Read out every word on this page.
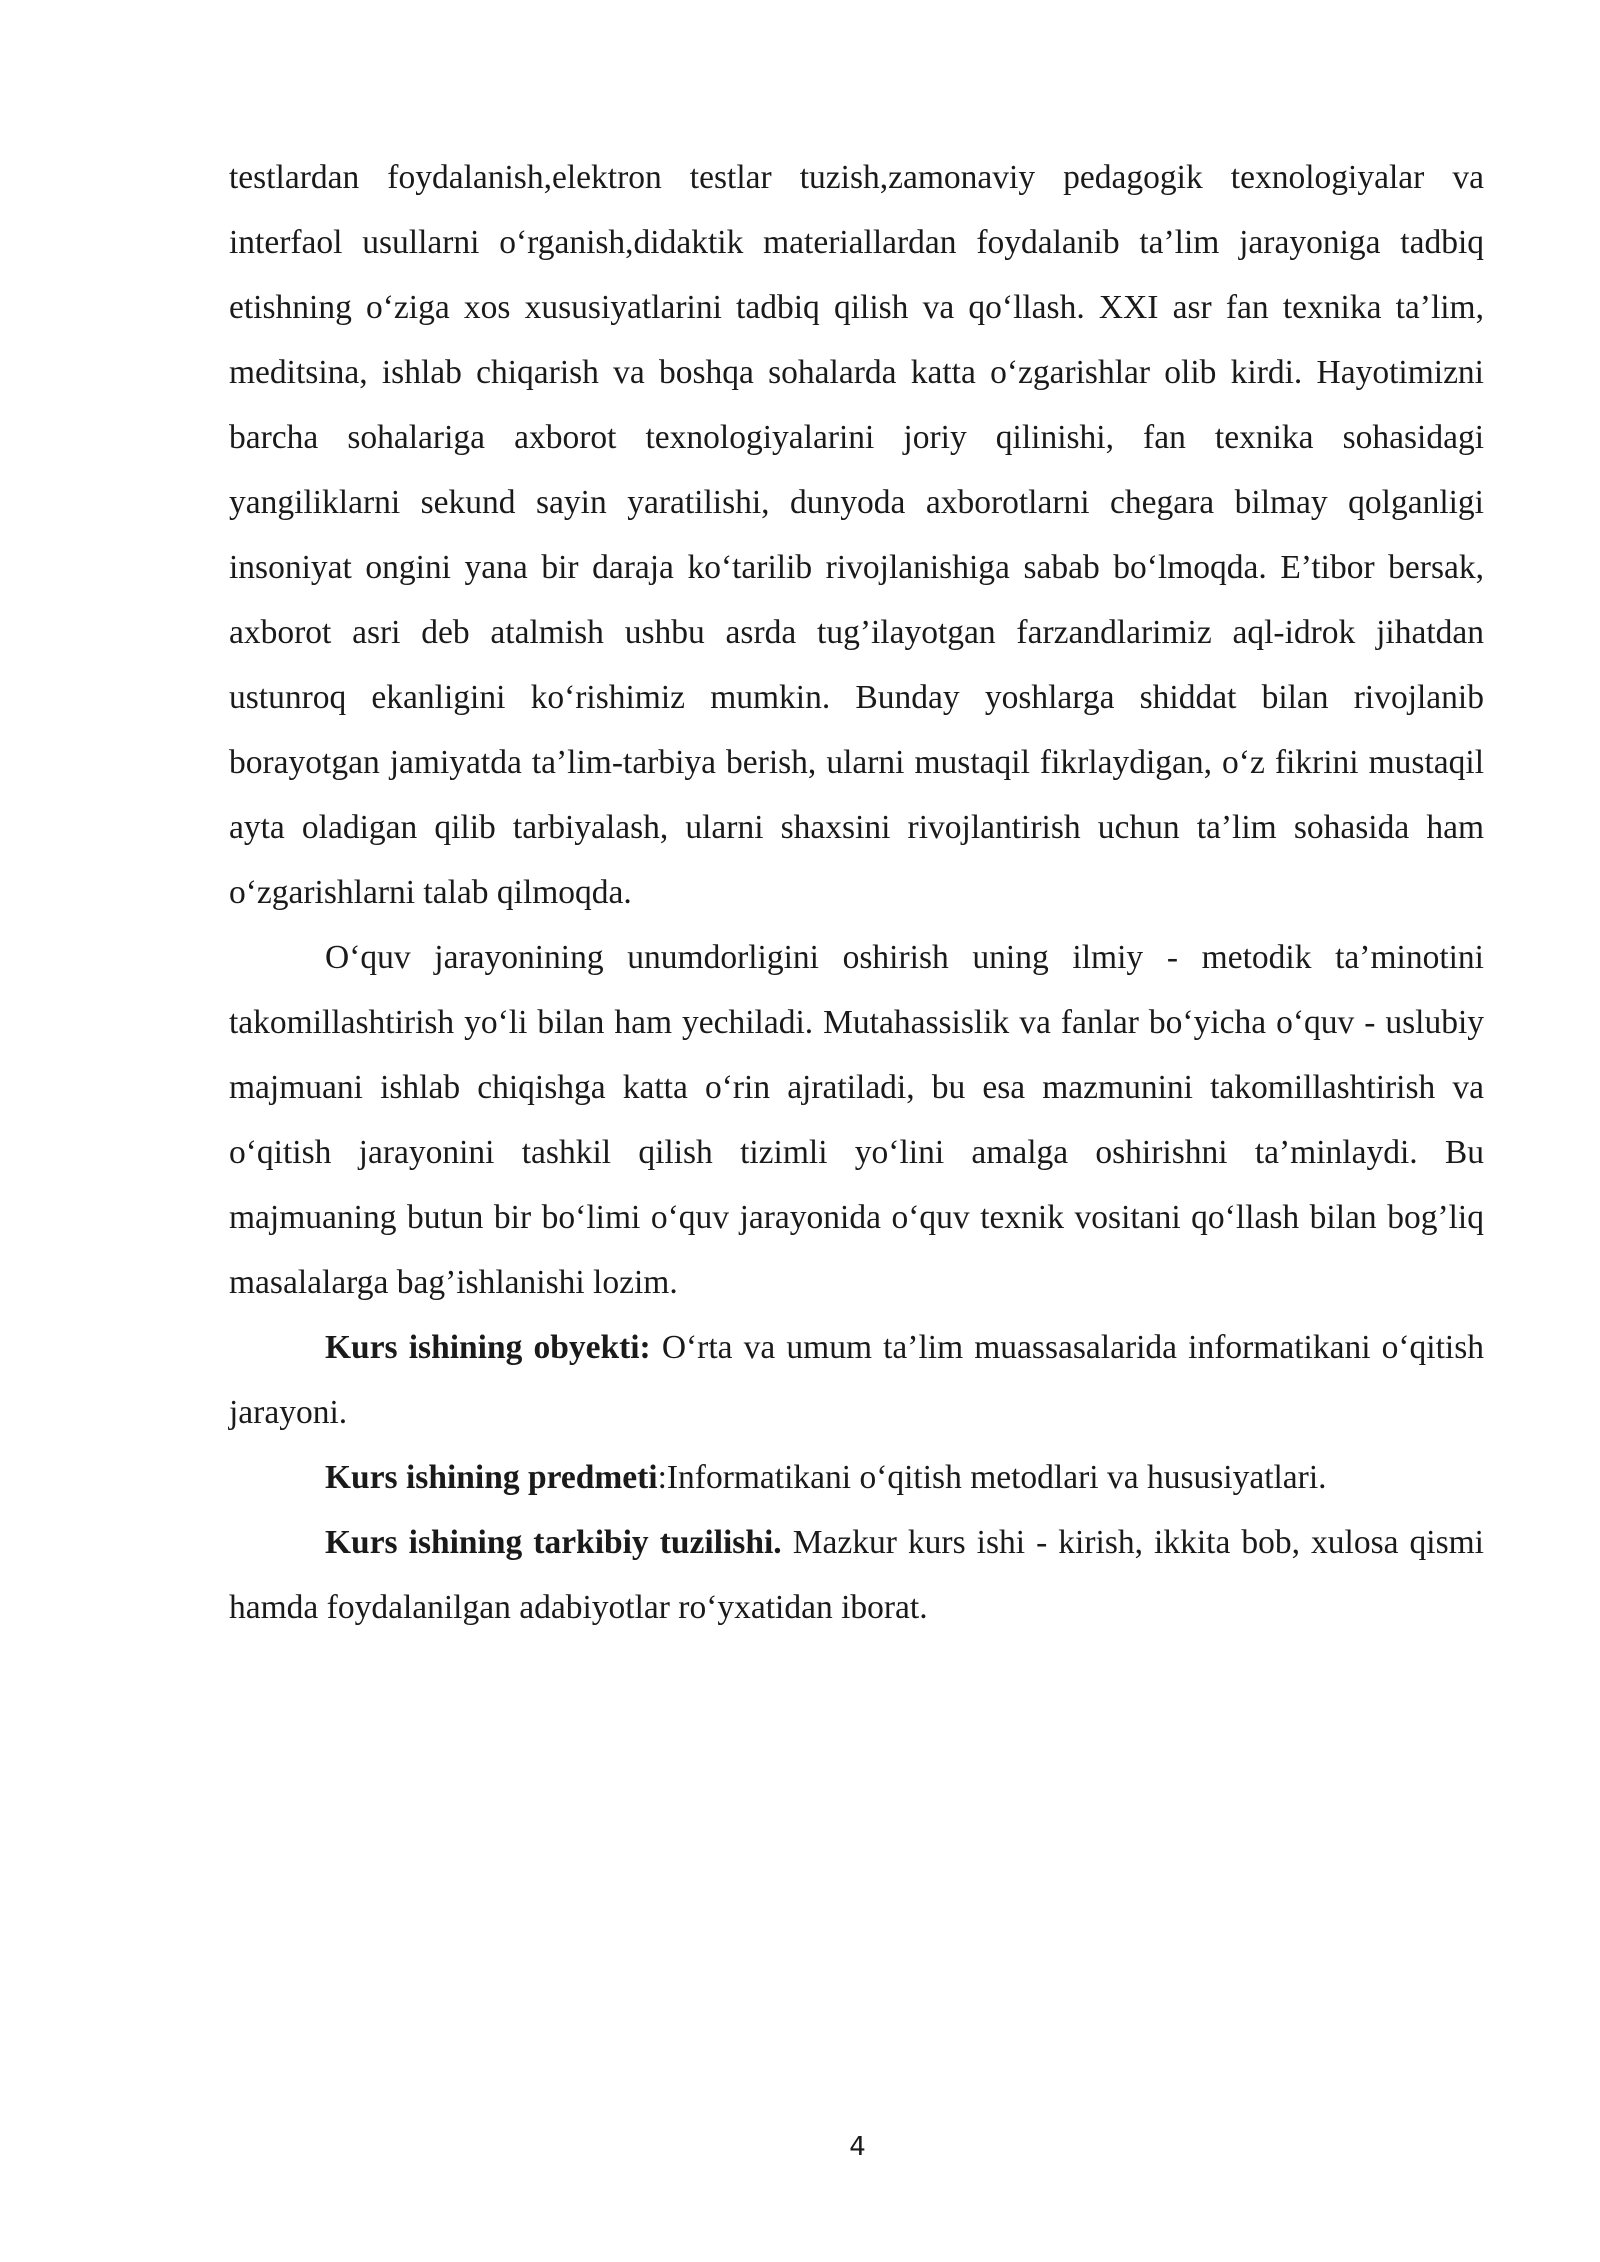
testlardan foydalanish,elektron testlar tuzish,zamonaviy pedagogik texnologiyalar va interfaol usullarni o‘rganish,didaktik materiallardan foydalanib ta’lim jarayoniga tadbiq etishning o‘ziga xos xususiyatlarini tadbiq qilish va qo‘llash. XXI asr fan texnika ta’lim, meditsina, ishlab chiqarish va boshqa sohalarda katta o‘zgarishlar olib kirdi. Hayotimizni barcha sohalariga axborot texnologiyalarini joriy qilinishi, fan texnika sohasidagi yangiliklarni sekund sayin yaratilishi, dunyoda axborotlarni chegara bilmay qolganligi insoniyat ongini yana bir daraja ko‘tarilib rivojlanishiga sabab bo‘lmoqda. E’tibor bersak, axborot asri deb atalmish ushbu asrda tug’ilayotgan farzandlarimiz aql-idrok jihatdan ustunroq ekanligini ko‘rishimiz mumkin. Bunday yoshlarga shiddat bilan rivojlanib borayotgan jamiyatda ta’lim-tarbiya berish, ularni mustaqil fikrlaydigan, o‘z fikrini mustaqil ayta oladigan qilib tarbiyalash, ularni shaxsini rivojlantirish uchun ta’lim sohasida ham o‘zgarishlarni talab qilmoqda.

O‘quv jarayonining unumdorligini oshirish uning ilmiy - metodik ta’minotini takomillashtirish yo‘li bilan ham yechiladi. Mutahassislik va fanlar bo‘yicha o‘quv - uslubiy majmuani ishlab chiqishga katta o‘rin ajratiladi, bu esa mazmunini takomillashtirish va o‘qitish jarayonini tashkil qilish tizimli yo‘lini amalga oshirishni ta’minlaydi. Bu majmuaning butun bir bo‘limi o‘quv jarayonida o‘quv texnik vositani qo‘llash bilan bog’liq masalalarga bag’ishlanishi lozim.

Kurs ishining obyekti: O‘rta va umum ta’lim muassasalarida informatikani o‘qitish jarayoni.

Kurs ishining predmeti:Informatikani o‘qitish metodlari va hususiyatlari.

Kurs ishining tarkibiy tuzilishi. Mazkur kurs ishi - kirish, ikkita bob, xulosa qismi hamda foydalanilgan adabiyotlar ro‘yxatidan iborat.

4
